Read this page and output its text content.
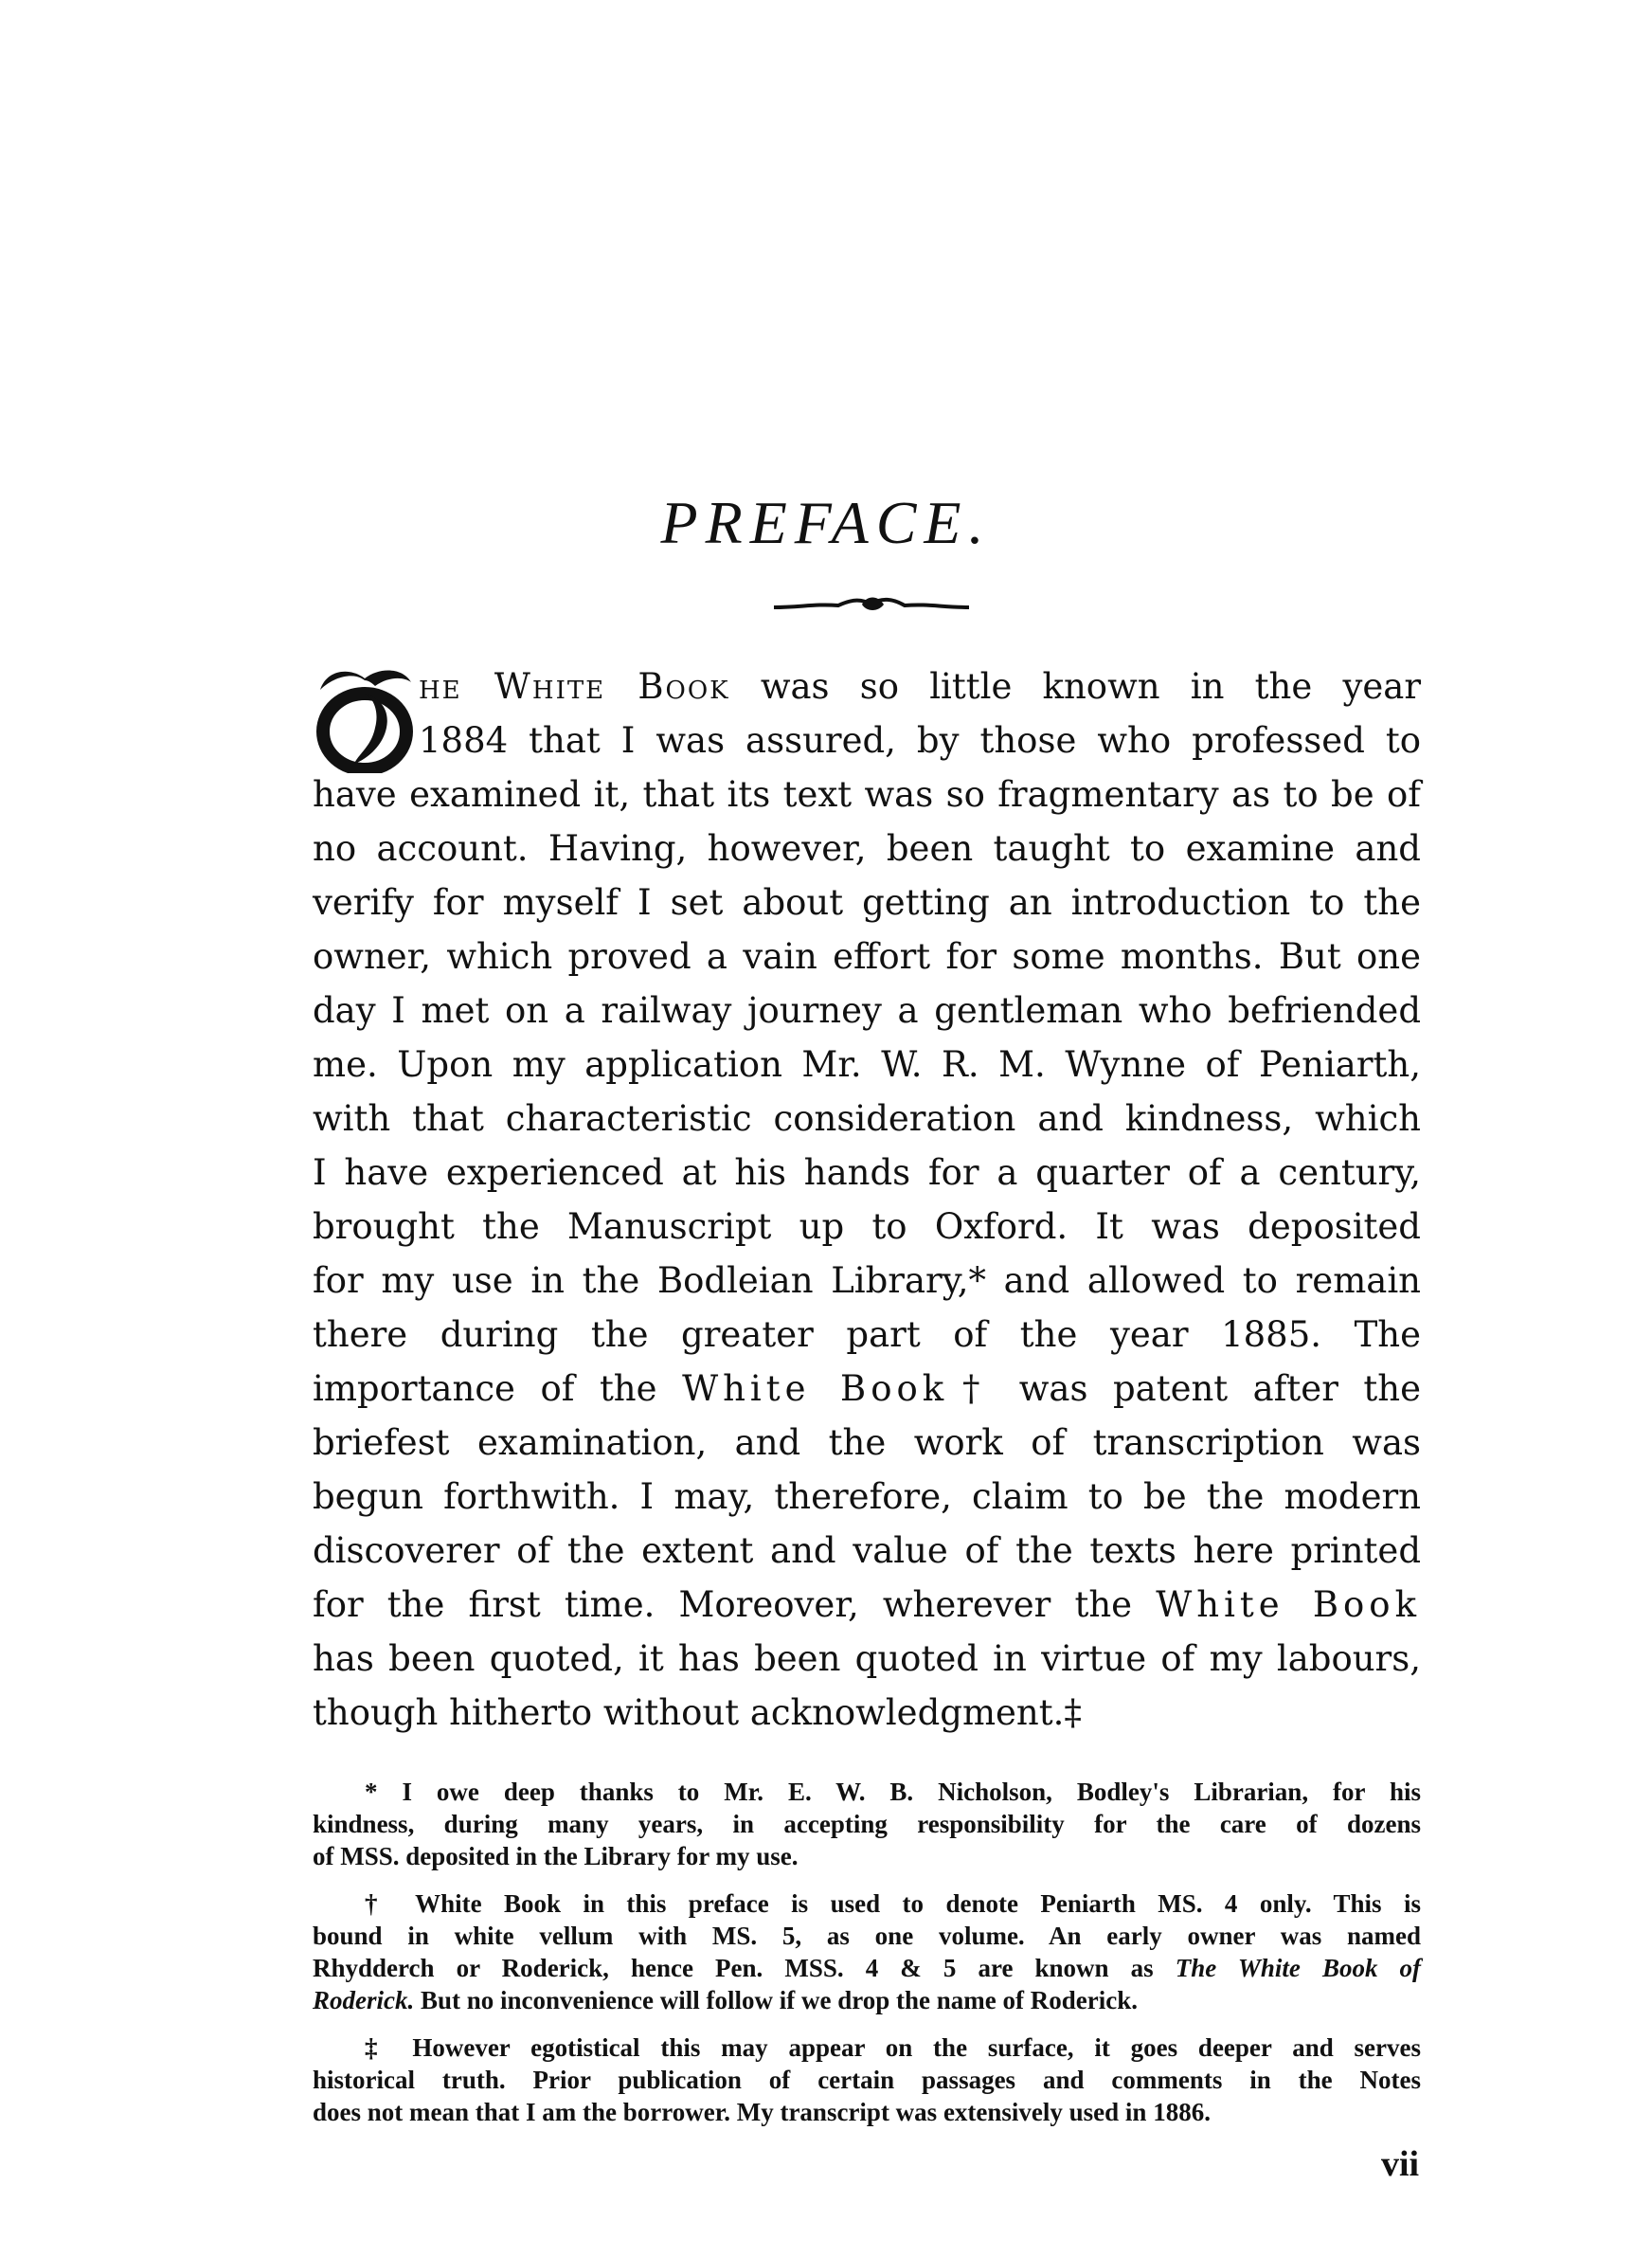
PREFACE.
he White Book was so little known in the year
1884 that I was assured, by those who professed to
have examined it, that its text was so fragmentary as to be of
no account. Having, however, been taught to examine and
verify for myself I set about getting an introduction to the
owner, which proved a vain effort for some months. But one
day I met on a railway journey a gentleman who befriended
me. Upon my application Mr. W. R. M. Wynne of Peniarth,
with that characteristic consideration and kindness, which
I have experienced at his hands for a quarter of a century,
brought the Manuscript up to Oxford. It was deposited
for my use in the Bodleian Library,* and allowed to remain
there during the greater part of the year 1885. The
importance of the White Book† was patent after the
briefest examination, and the work of transcription was
begun forthwith. I may, therefore, claim to be the modern
discoverer of the extent and value of the texts here printed
for the first time. Moreover, wherever the White Book
has been quoted, it has been quoted in virtue of my labours,
though hitherto without acknowledgment.‡
* I owe deep thanks to Mr. E. W. B. Nicholson, Bodley's Librarian, for his
kindness, during many years, in accepting responsibility for the care of dozens
of MSS. deposited in the Library for my use.
† White Book in this preface is used to denote Peniarth MS. 4 only. This is
bound in white vellum with MS. 5, as one volume. An early owner was named
Rhydderch or Roderick, hence Pen. MSS. 4 & 5 are known as The White Book of
Roderick. But no inconvenience will follow if we drop the name of Roderick.
‡ However egotistical this may appear on the surface, it goes deeper and serves
historical truth. Prior publication of certain passages and comments in the Notes
does not mean that I am the borrower. My transcript was extensively used in 1886.
vii
